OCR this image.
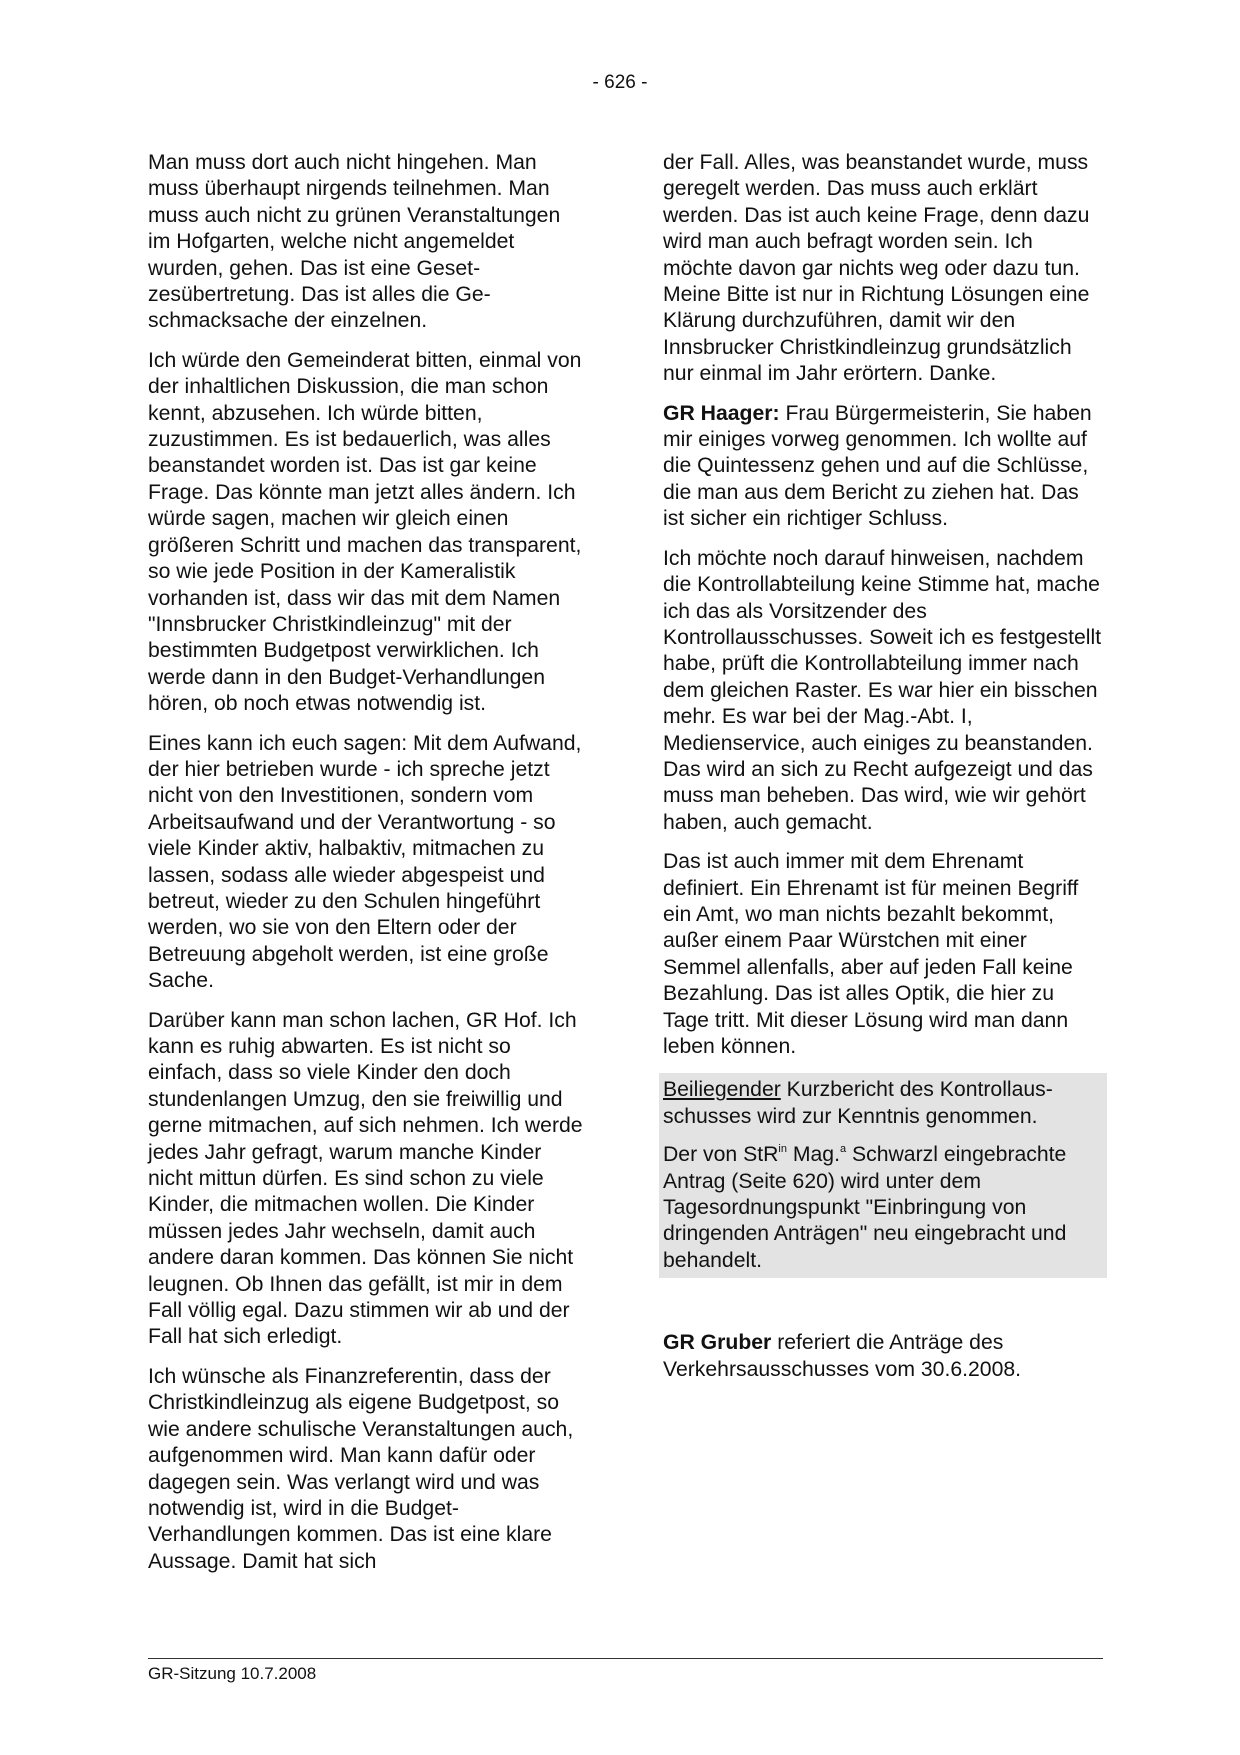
- 626 -

Man muss dort auch nicht hingehen. Man muss überhaupt nirgends teilnehmen. Man muss auch nicht zu grünen Veranstaltungen im Hofgarten, welche nicht angemeldet wurden, gehen. Das ist eine Gesetzesübertretung. Das ist alles die Geschmacksache der einzelnen.

Ich würde den Gemeinderat bitten, einmal von der inhaltlichen Diskussion, die man schon kennt, abzusehen. Ich würde bitten, zuzustimmen. Es ist bedauerlich, was alles beanstandet worden ist. Das ist gar keine Frage. Das könnte man jetzt alles ändern. Ich würde sagen, machen wir gleich einen größeren Schritt und machen das transparent, so wie jede Position in der Kameralistik vorhanden ist, dass wir das mit dem Namen "Innsbrucker Christkindleinzug" mit der bestimmten Budgetpost verwirklichen. Ich werde dann in den Budget-Verhandlungen hören, ob noch etwas notwendig ist.

Eines kann ich euch sagen: Mit dem Aufwand, der hier betrieben wurde - ich spreche jetzt nicht von den Investitionen, sondern vom Arbeitsaufwand und der Verantwortung - so viele Kinder aktiv, halbaktiv, mitmachen zu lassen, sodass alle wieder abgespeist und betreut, wieder zu den Schulen hingeführt werden, wo sie von den Eltern oder der Betreuung abgeholt werden, ist eine große Sache.

Darüber kann man schon lachen, GR Hof. Ich kann es ruhig abwarten. Es ist nicht so einfach, dass so viele Kinder den doch stundenlangen Umzug, den sie freiwillig und gerne mitmachen, auf sich nehmen. Ich werde jedes Jahr gefragt, warum manche Kinder nicht mittun dürfen. Es sind schon zu viele Kinder, die mitmachen wollen. Die Kinder müssen jedes Jahr wechseln, damit auch andere daran kommen. Das können Sie nicht leugnen. Ob Ihnen das gefällt, ist mir in dem Fall völlig egal. Dazu stimmen wir ab und der Fall hat sich erledigt.

Ich wünsche als Finanzreferentin, dass der Christkindleinzug als eigene Budgetpost, so wie andere schulische Veranstaltungen auch, aufgenommen wird. Man kann dafür oder dagegen sein. Was verlangt wird und was notwendig ist, wird in die Budget-Verhandlungen kommen. Das ist eine klare Aussage. Damit hat sich

der Fall. Alles, was beanstandet wurde, muss geregelt werden. Das muss auch erklärt werden. Das ist auch keine Frage, denn dazu wird man auch befragt worden sein. Ich möchte davon gar nichts weg oder dazu tun. Meine Bitte ist nur in Richtung Lösungen eine Klärung durchzuführen, damit wir den Innsbrucker Christkindleinzug grundsätzlich nur einmal im Jahr erörtern. Danke.

GR Haager: Frau Bürgermeisterin, Sie haben mir einiges vorweg genommen. Ich wollte auf die Quintessenz gehen und auf die Schlüsse, die man aus dem Bericht zu ziehen hat. Das ist sicher ein richtiger Schluss.

Ich möchte noch darauf hinweisen, nachdem die Kontrollabteilung keine Stimme hat, mache ich das als Vorsitzender des Kontrollausschusses. Soweit ich es festgestellt habe, prüft die Kontrollabteilung immer nach dem gleichen Raster. Es war hier ein bisschen mehr. Es war bei der Mag.-Abt. I, Medienservice, auch einiges zu beanstanden. Das wird an sich zu Recht aufgezeigt und das muss man beheben. Das wird, wie wir gehört haben, auch gemacht.

Das ist auch immer mit dem Ehrenamt definiert. Ein Ehrenamt ist für meinen Begriff ein Amt, wo man nichts bezahlt bekommt, außer einem Paar Würstchen mit einer Semmel allenfalls, aber auf jeden Fall keine Bezahlung. Das ist alles Optik, die hier zu Tage tritt. Mit dieser Lösung wird man dann leben können.

Beiliegender Kurzbericht des Kontrollausschusses wird zur Kenntnis genommen.

Der von StR$^{in}$ Mag.$^a$ Schwarzl eingebrachte Antrag (Seite 620) wird unter dem Tagesordnungspunkt "Einbringung von dringenden Anträgen" neu eingebracht und behandelt.

GR Gruber referiert die Anträge des Verkehrsausschusses vom 30.6.2008.

GR-Sitzung 10.7.2008
